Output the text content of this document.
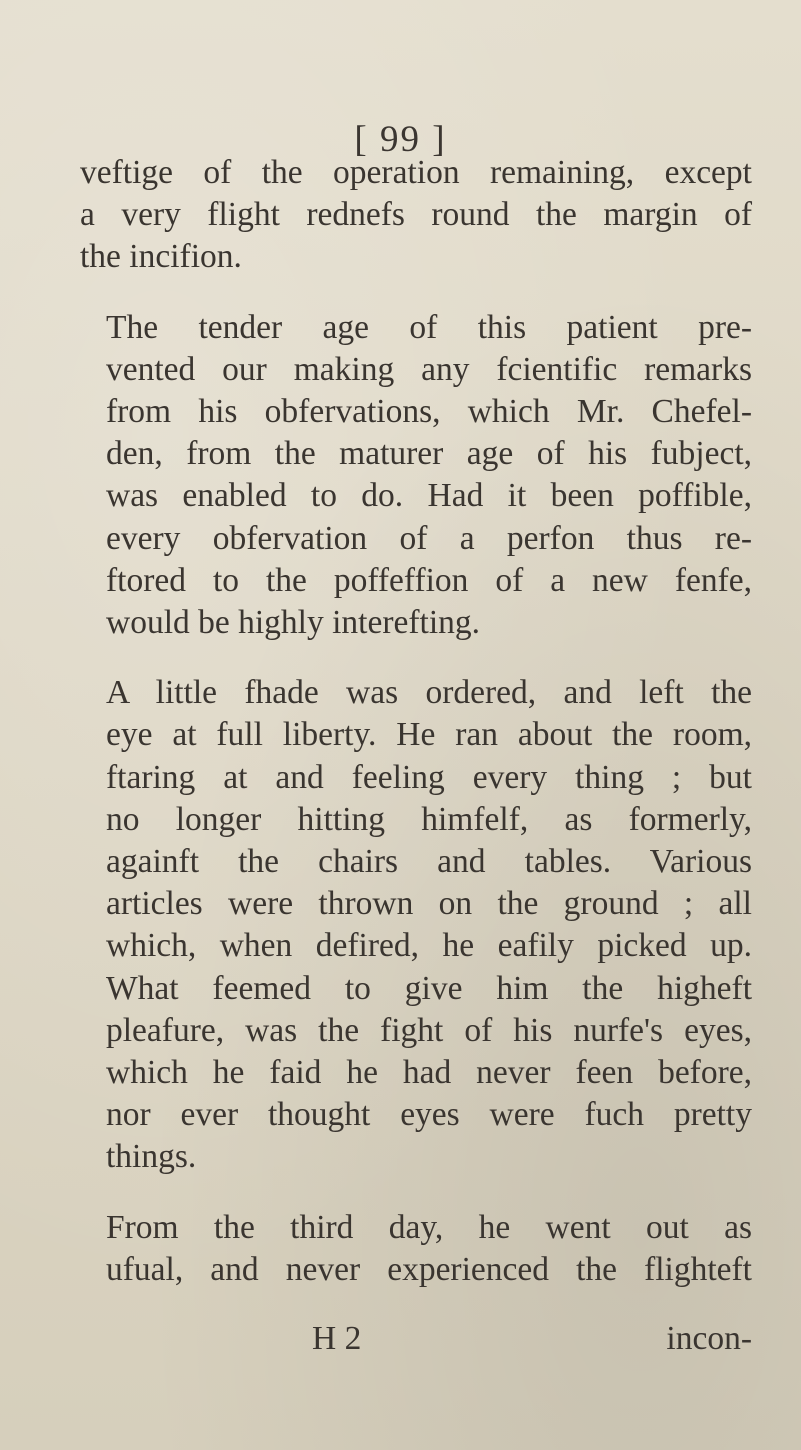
[ 99 ]

veftige of the operation remaining, except
a very flight rednefs round the margin of
the incifion.

The tender age of this patient pre-
vented our making any fcientific remarks
from his obfervations, which Mr. Chefel-
den, from the maturer age of his fubject,
was enabled to do. Had it been poffible,
every obfervation of a perfon thus re-
ftored to the poffeffion of a new fenfe,
would be highly interefting.

A little fhade was ordered, and left the
eye at full liberty. He ran about the room,
ftaring at and feeling every thing ; but
no longer hitting himfelf, as formerly,
againft the chairs and tables. Various
articles were thrown on the ground ; all
which, when defired, he eafily picked up.
What feemed to give him the higheft
pleafure, was the fight of his nurfe's eyes,
which he faid he had never feen before,
nor ever thought eyes were fuch pretty
things.

From the third day, he went out as
ufual, and never experienced the flighteft

H 2	incon-
